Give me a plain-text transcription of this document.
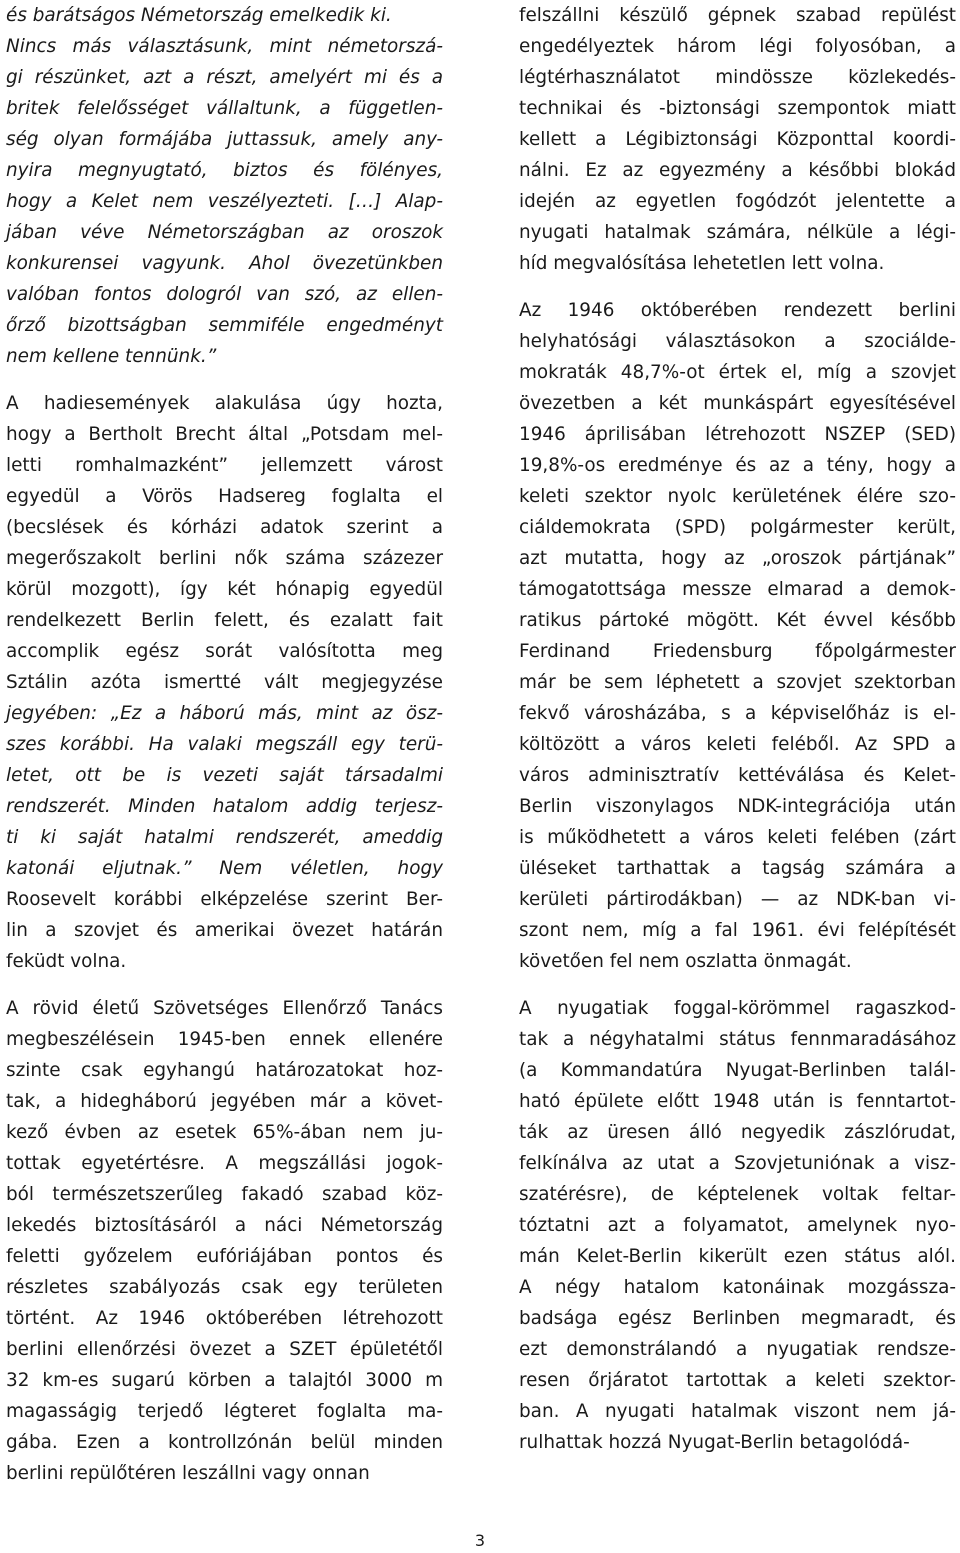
és barátságos Németország emelkedik ki.
Nincs más választásunk, mint németorszá-
gi részünket, azt a részt, amelyért mi és a
britek felelősséget vállaltunk, a független-
ség olyan formájába juttassuk, amely any-
nyira megnyugtató, biztos és fölényes,
hogy a Kelet nem veszélyezteti. […] Alap-
jában véve Németországban az oroszok
konkurensei vagyunk. Ahol övezetünkben
valóban fontos dologról van szó, az ellen-
őrző bizottságban semmiféle engedményt
nem kellene tennünk.”
A hadiesemények alakulása úgy hozta,
hogy a Bertholt Brecht által „Potsdam mel-
letti romhalmazként” jellemzett várost
egyedül a Vörös Hadsereg foglalta el
(becslések és kórházi adatok szerint a
megerőszakolt berlini nők száma százezer
körül mozgott), így két hónapig egyedül
rendelkezett Berlin felett, és ezalatt fait
accomplik egész sorát valósította meg
Sztálin azóta ismertté vált megjegyzése
jegyében: „Ez a háború más, mint az ösz-
szes korábbi. Ha valaki megszáll egy terü-
letet, ott be is vezeti saját társadalmi
rendszerét. Minden hatalom addig terjesz-
ti ki saját hatalmi rendszerét, ameddig
katonái eljutnak.” Nem véletlen, hogy
Roosevelt korábbi elképzelése szerint Ber-
lin a szovjet és amerikai övezet határán
feküdt volna.
A rövid életű Szövetséges Ellenőrző Tanács
megbeszélésein 1945-ben ennek ellenére
szinte csak egyhangú határozatokat hoz-
tak, a hidegháború jegyében már a követ-
kező évben az esetek 65%-ában nem ju-
tottak egyetértésre. A megszállási jogok-
ból természetszerűleg fakadó szabad köz-
lekedés biztosításáról a náci Németország
feletti győzelem eufóriájában pontos és
részletes szabályozás csak egy területen
történt. Az 1946 októberében létrehozott
berlini ellenőrzési övezet a SZET épületétől
32 km-es sugarú körben a talajtól 3000 m
magasságig terjedő légteret foglalta ma-
gába. Ezen a kontrollzónán belül minden
berlini repülőtéren leszállni vagy onnan
felszállni készülő gépnek szabad repülést
engedélyeztek három légi folyosóban, a
légtérhasználatot mindössze közlekedés-
technikai és -biztonsági szempontok miatt
kellett a Légibiztonsági Központtal koordi-
nálni. Ez az egyezmény a későbbi blokád
idején az egyetlen fogódzót jelentette a
nyugati hatalmak számára, nélküle a légi-
híd megvalósítása lehetetlen lett volna.
Az 1946 októberében rendezett berlini
helyhatósági választásokon a szociálde-
mokraták 48,7%-ot értek el, míg a szovjet
övezetben a két munkáspárt egyesítésével
1946 áprilisában létrehozott NSZEP (SED)
19,8%-os eredménye és az a tény, hogy a
keleti szektor nyolc kerületének élére szo-
ciáldemokrata (SPD) polgármester került,
azt mutatta, hogy az „oroszok pártjának”
támogatottsága messze elmarad a demok-
ratikus pártoké mögött. Két évvel később
Ferdinand Friedensburg főpolgármester
már be sem léphetett a szovjet szektorban
fekvő városházába, s a képviselőház is el-
költözött a város keleti feléből. Az SPD a
város adminisztratív kettéválása és Kelet-
Berlin viszonylagos NDK-integrációja után
is működhetett a város keleti felében (zárt
üléseket tarthattak a tagság számára a
kerületi pártirodákban) — az NDK-ban vi-
szont nem, míg a fal 1961. évi felépítését
követően fel nem oszlatta önmagát.
A nyugatiak foggal-körömmel ragaszkod-
tak a négyhatalmi státus fennmaradásához
(a Kommandatúra Nyugat-Berlinben talál-
ható épülete előtt 1948 után is fenntartot-
ták az üresen álló negyedik zászlórudat,
felkínálva az utat a Szovjetuniónak a visz-
szatérésre), de képtelenek voltak feltar-
tóztatni azt a folyamatot, amelynek nyo-
mán Kelet-Berlin kikerült ezen státus alól.
A négy hatalom katonáinak mozgássza-
badsága egész Berlinben megmaradt, és
ezt demonstrálandó a nyugatiak rendsze-
resen őrjáratot tartottak a keleti szektor-
ban. A nyugati hatalmak viszont nem já-
rulhattak hozzá Nyugat-Berlin betagolódá-
3
